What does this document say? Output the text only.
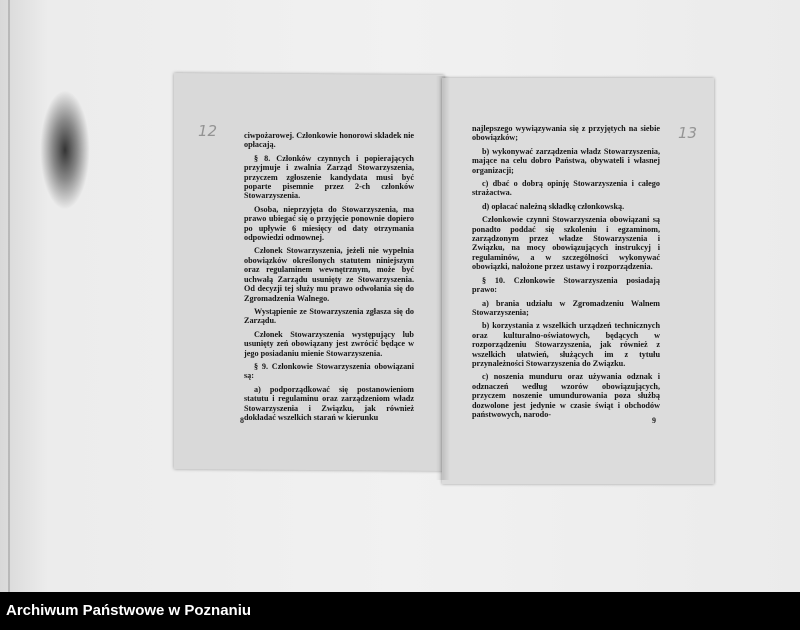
12	13

ciwpożarowej. Członkowie honorowi składek nie opłacają.

§ 8. Członków czynnych i popierających przyjmuje i zwalnia Zarząd Stowarzyszenia, przyczem zgłoszenie kandydata musi być poparte pisemnie przez 2-ch członków Stowarzyszenia.

Osoba, nieprzyjęta do Stowarzyszenia, ma prawo ubiegać się o przyjęcie ponownie dopiero po upływie 6 miesięcy od daty otrzymania odpowiedzi odmownej.

Członek Stowarzyszenia, jeżeli nie wypełnia obowiązków określonych statutem niniejszym oraz regulaminem wewnętrznym, może być uchwałą Zarządu usunięty ze Stowarzyszenia. Od decyzji tej służy mu prawo odwołania się do Zgromadzenia Walnego.

Wystąpienie ze Stowarzyszenia zgłasza się do Zarządu.

Członek Stowarzyszenia występujący lub usunięty zeń obowiązany jest zwrócić będące w jego posiadaniu mienie Stowarzyszenia.

§ 9. Członkowie Stowarzyszenia obowiązani są:

a) podporządkować się postanowieniom statutu i regulaminu oraz zarządzeniom władz Stowarzyszenia i Związku, jak również dokładać wszelkich starań w kierunku

najlepszego wywiązywania się z przyjętych na siebie obowiązków;

b) wykonywać zarządzenia władz Stowarzyszenia, mające na celu dobro Państwa, obywateli i własnej organizacji;

c) dbać o dobrą opinję Stowarzyszenia i całego strażactwa.

d) opłacać należną składkę członkowską.

Członkowie czynni Stowarzyszenia obowiązani są ponadto poddać się szkoleniu i egzaminom, zarządzonym przez władze Stowarzyszenia i Związku, na mocy obowiązujących instrukcyj i regulaminów, a w szczególności wykonywać obowiązki, nałożone przez ustawy i rozporządzenia.

§ 10. Członkowie Stowarzyszenia posiadają prawo:

a) brania udziału w Zgromadzeniu Walnem Stowarzyszenia;

b) korzystania z wszelkich urządzeń technicznych oraz kulturalno-oświatowych, będących w rozporządzeniu Stowarzyszenia, jak również z wszelkich ułatwień, służących im z tytułu przynależności Stowarzyszenia do Związku.

c) noszenia munduru oraz używania odznak i odznaczeń według wzorów obowiązujących, przyczem noszenie umundurowania poza służbą dozwolone jest jedynie w czasie świąt i obchodów państwowych, narodo-

8	9
Archiwum Państwowe w Poznaniu
